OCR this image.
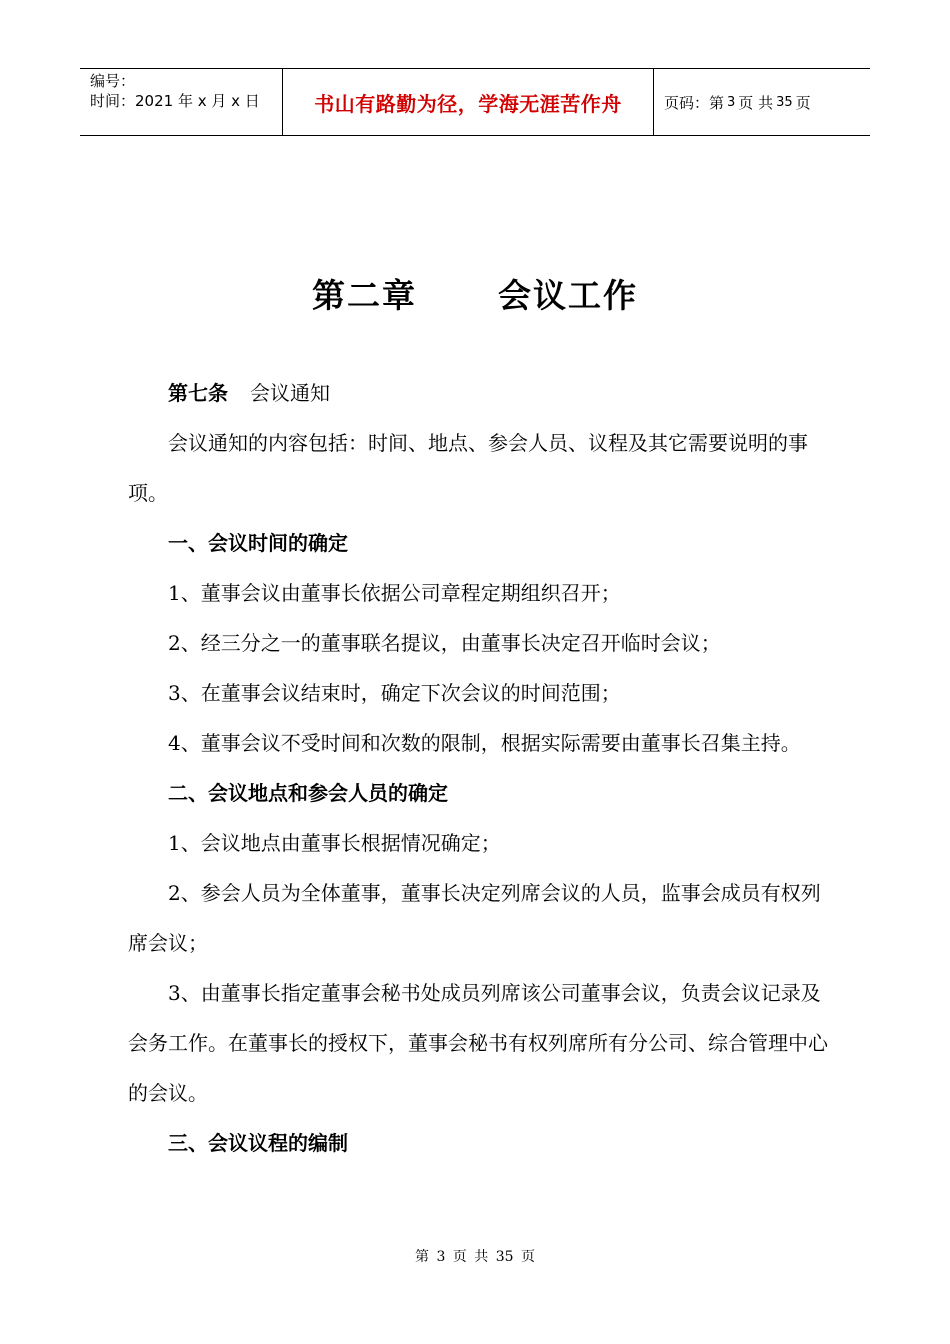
编号：
时间：2021 年 x 月 x 日	书山有路勤为径，学海无涯苦作舟	页码：第 3 页 共 35 页
第二章      会议工作

第七条 会议通知

会议通知的内容包括：时间、地点、参会人员、议程及其它需要说明的事项。

一、会议时间的确定

1、董事会议由董事长依据公司章程定期组织召开；

2、经三分之一的董事联名提议，由董事长决定召开临时会议；

3、在董事会议结束时，确定下次会议的时间范围；

4、董事会议不受时间和次数的限制，根据实际需要由董事长召集主持。

二、会议地点和参会人员的确定

1、会议地点由董事长根据情况确定；

2、参会人员为全体董事，董事长决定列席会议的人员，监事会成员有权列席会议；

3、由董事长指定董事会秘书处成员列席该公司董事会议，负责会议记录及会务工作。在董事长的授权下，董事会秘书有权列席所有分公司、综合管理中心的会议。

三、会议议程的编制

第 3 页 共 35 页
